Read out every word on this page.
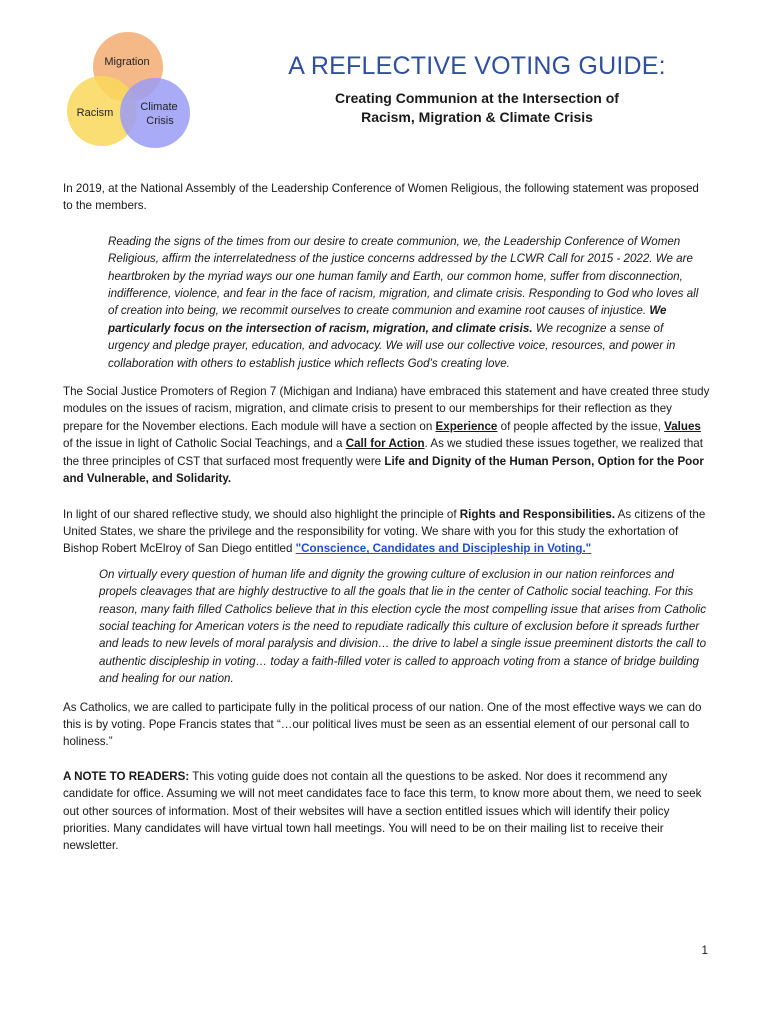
Migration
Racism Climate Crisis
A REFLECTIVE VOTING GUIDE:
Creating Communion at the Intersection of
Racism, Migration & Climate Crisis

In 2019, at the National Assembly of the Leadership Conference of Women Religious, the following statement was proposed to the members.

Reading the signs of the times from our desire to create communion, we, the Leadership Conference of Women Religious, affirm the interrelatedness of the justice concerns addressed by the LCWR Call for 2015 - 2022. We are heartbroken by the myriad ways our one human family and Earth, our common home, suffer from disconnection, indifference, violence, and fear in the face of racism, migration, and climate crisis. Responding to God who loves all of creation into being, we recommit ourselves to create communion and examine root causes of injustice. We particularly focus on the intersection of racism, migration, and climate crisis. We recognize a sense of urgency and pledge prayer, education, and advocacy. We will use our collective voice, resources, and power in collaboration with others to establish justice which reflects God’s creating love.

The Social Justice Promoters of Region 7 (Michigan and Indiana) have embraced this statement and have created three study modules on the issues of racism, migration, and climate crisis to present to our memberships for their reflection as they prepare for the November elections. Each module will have a section on Experience of people affected by the issue, Values of the issue in light of Catholic Social Teachings, and a Call for Action. As we studied these issues together, we realized that the three principles of CST that surfaced most frequently were Life and Dignity of the Human Person, Option for the Poor and Vulnerable, and Solidarity.

In light of our shared reflective study, we should also highlight the principle of Rights and Responsibilities. As citizens of the United States, we share the privilege and the responsibility for voting. We share with you for this study the exhortation of Bishop Robert McElroy of San Diego entitled "Conscience, Candidates and Discipleship in Voting."

On virtually every question of human life and dignity the growing culture of exclusion in our nation reinforces and propels cleavages that are highly destructive to all the goals that lie in the center of Catholic social teaching. For this reason, many faith filled Catholics believe that in this election cycle the most compelling issue that arises from Catholic social teaching for American voters is the need to repudiate radically this culture of exclusion before it spreads further and leads to new levels of moral paralysis and division… the drive to label a single issue preeminent distorts the call to authentic discipleship in voting… today a faith-filled voter is called to approach voting from a stance of bridge building and healing for our nation.

As Catholics, we are called to participate fully in the political process of our nation. One of the most effective ways we can do this is by voting. Pope Francis states that “…our political lives must be seen as an essential element of our personal call to holiness.”

A NOTE TO READERS: This voting guide does not contain all the questions to be asked. Nor does it recommend any candidate for office. Assuming we will not meet candidates face to face this term, to know more about them, we need to seek out other sources of information. Most of their websites will have a section entitled issues which will identify their policy priorities. Many candidates will have virtual town hall meetings. You will need to be on their mailing list to receive their newsletter.

1
